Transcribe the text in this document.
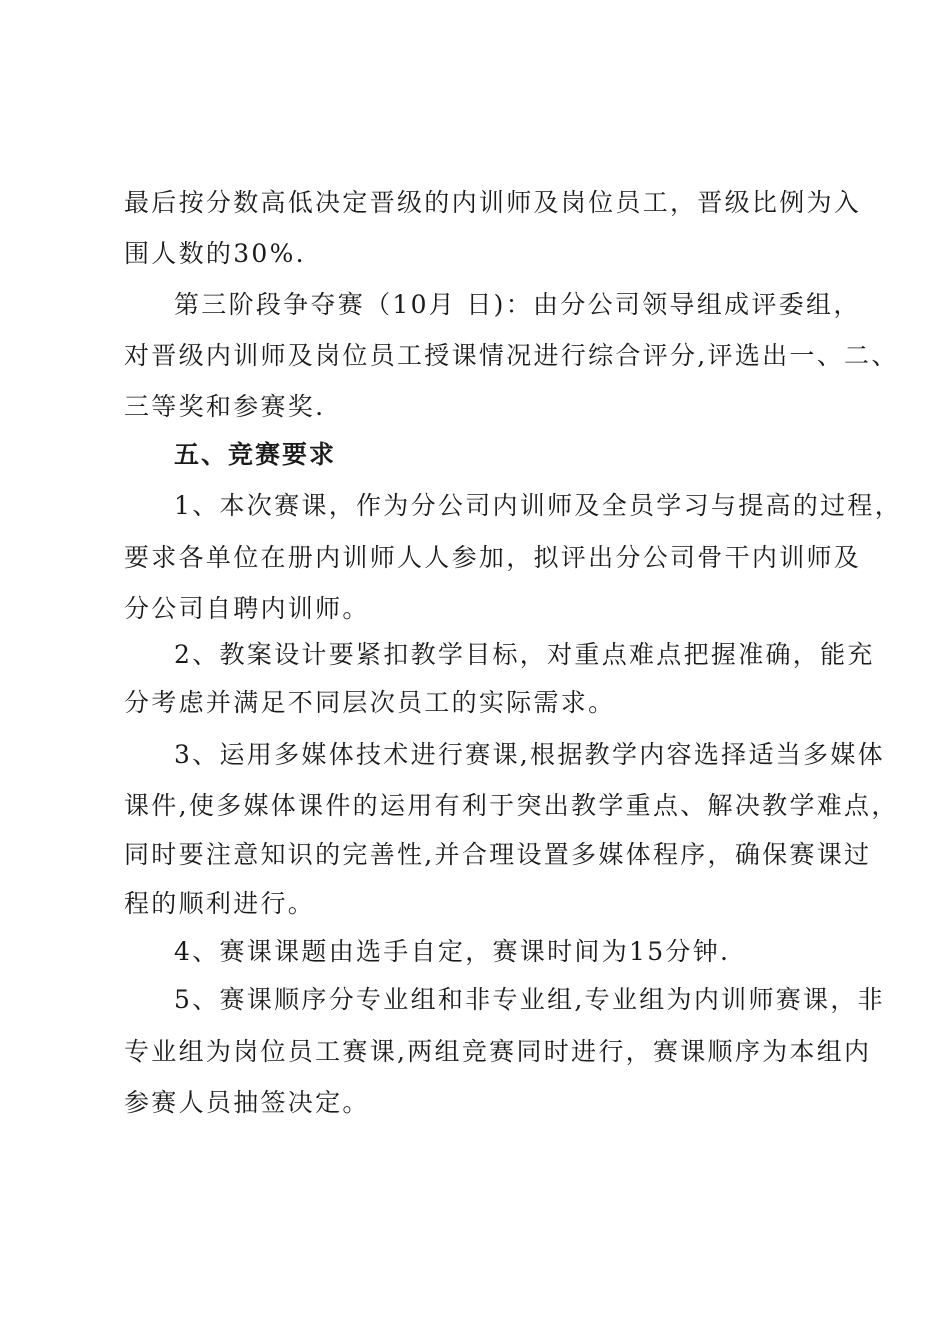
最后按分数高低决定晋级的内训师及岗位员工，晋级比例为入
围人数的30%.
第三阶段争夺赛（10月 日)：由分公司领导组成评委组，
对晋级内训师及岗位员工授课情况进行综合评分,评选出一、二、
三等奖和参赛奖.
五、竞赛要求
1、本次赛课，作为分公司内训师及全员学习与提高的过程，
要求各单位在册内训师人人参加，拟评出分公司骨干内训师及
分公司自聘内训师。
2、教案设计要紧扣教学目标，对重点难点把握准确，能充
分考虑并满足不同层次员工的实际需求。
3、运用多媒体技术进行赛课,根据教学内容选择适当多媒体
课件,使多媒体课件的运用有利于突出教学重点、解决教学难点，
同时要注意知识的完善性,并合理设置多媒体程序，确保赛课过
程的顺利进行。
4、赛课课题由选手自定，赛课时间为15分钟.
5、赛课顺序分专业组和非专业组,专业组为内训师赛课，非
专业组为岗位员工赛课,两组竞赛同时进行，赛课顺序为本组内
参赛人员抽签决定。
